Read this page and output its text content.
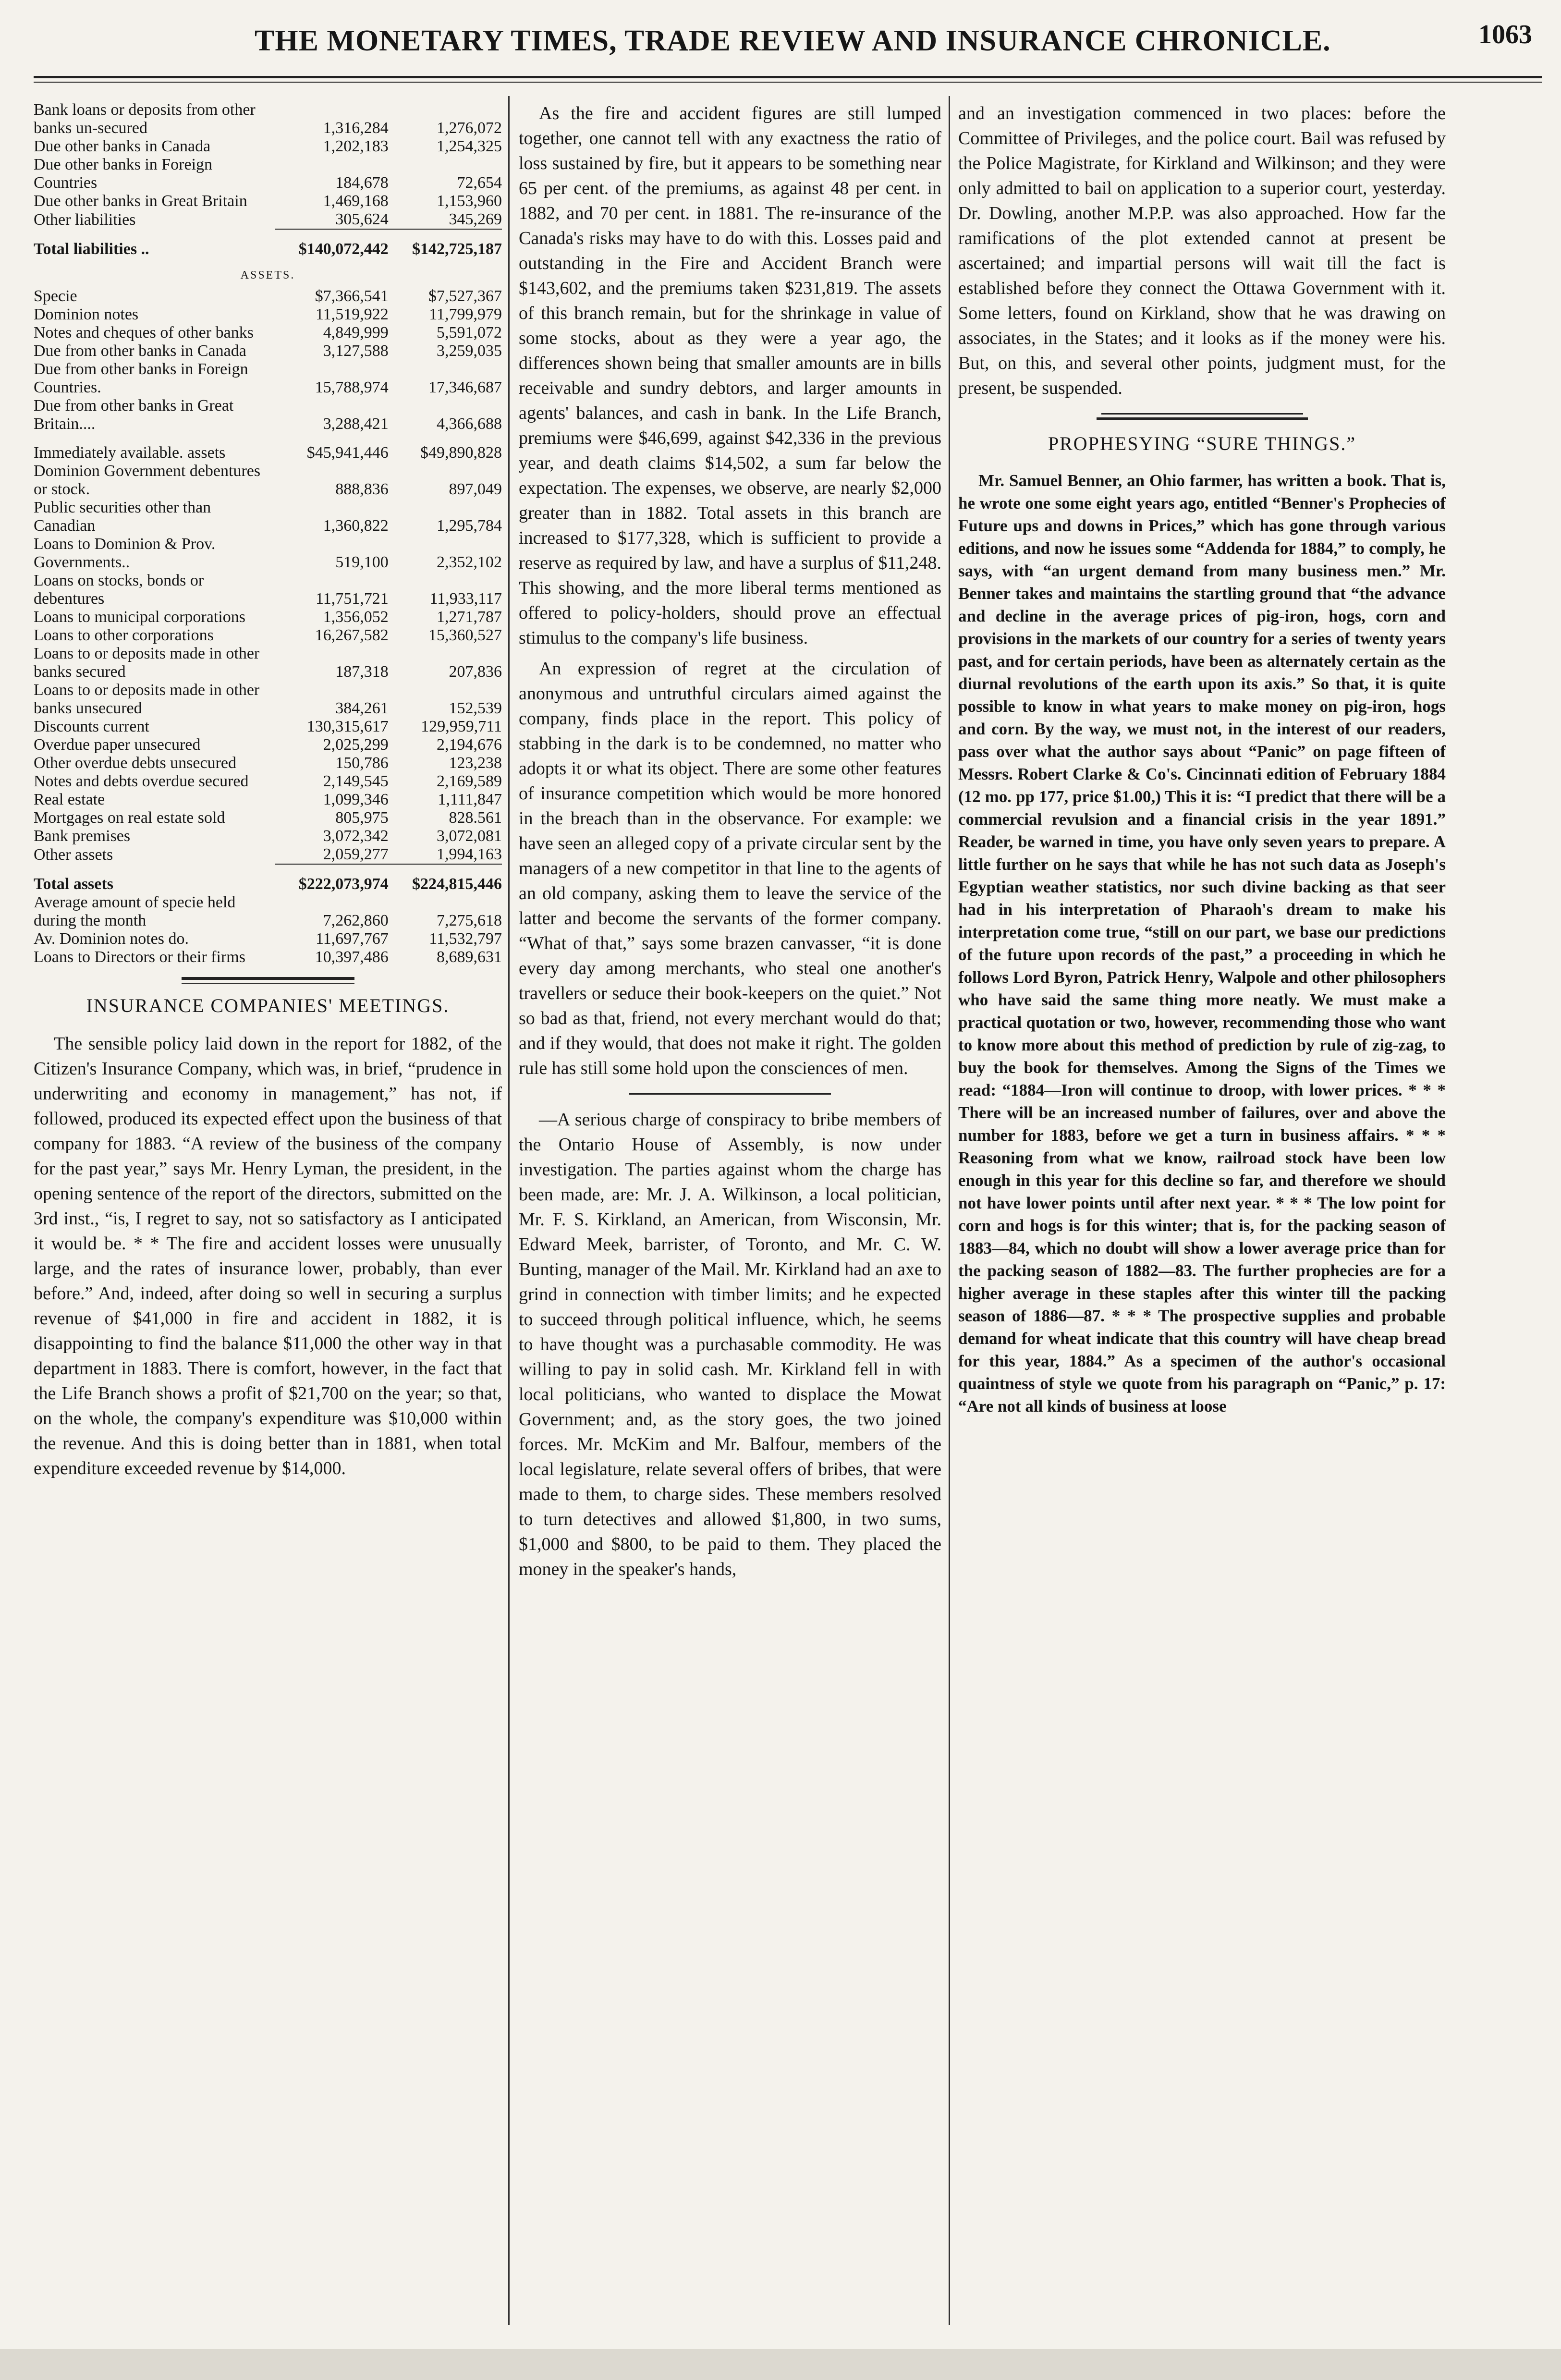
THE MONETARY TIMES, TRADE REVIEW AND INSURANCE CHRONICLE.	1063
Bank loans or deposits from other banks un-secured	1,316,284	1,276,072
Due other banks in Canada	1,202,183	1,254,325
Due other banks in Foreign Countries	184,678	72,654
Due other banks in Great Britain	1,469,168	1,153,960
Other liabilities	305,624	345,269
Total liabilities ..	$140,072,442	$142,725,187
ASSETS.		
Specie	$7,366,541	$7,527,367
Dominion notes	11,519,922	11,799,979
Notes and cheques of other banks	4,849,999	5,591,072
Due from other banks in Canada	3,127,588	3,259,035
Due from other banks in Foreign Countries.	15,788,974	17,346,687
Due from other banks in Great Britain....	3,288,421	4,366,688

Immediately available. assets	$45,941,446	$49,890,828
Dominion Government debentures or stock.	888,836	897,049
Public securities other than Canadian	1,360,822	1,295,784
Loans to Dominion & Prov. Governments..	519,100	2,352,102
Loans on stocks, bonds or debentures	11,751,721	11,933,117
Loans to municipal corporations	1,356,052	1,271,787
Loans to other corporations	16,267,582	15,360,527
Loans to or deposits made in other banks secured	187,318	207,836
Loans to or deposits made in other banks unsecured	384,261	152,539
Discounts current	130,315,617	129,959,711
Overdue paper unsecured	2,025,299	2,194,676
Other overdue debts unsecured	150,786	123,238
Notes and debts overdue secured	2,149,545	2,169,589
Real estate	1,099,346	1,111,847
Mortgages on real estate sold	805,975	828.561
Bank premises	3,072,342	3,072,081
Other assets	2,059,277	1,994,163
Total assets	$222,073,974	$224,815,446
Average amount of specie held during the month	7,262,860	7,275,618
Av. Dominion notes do.	11,697,767	11,532,797
Loans to Directors or their firms	10,397,486	8,689,631
INSURANCE COMPANIES' MEETINGS.

The sensible policy laid down in the report for 1882, of the Citizen's Insurance Company, which was, in brief, “prudence in underwriting and economy in management,” has not, if followed, produced its expected effect upon the business of that company for 1883. “A review of the business of the company for the past year,” says Mr. Henry Lyman, the president, in the opening sentence of the report of the directors, submitted on the 3rd inst., “is, I regret to say, not so satisfactory as I anticipated it would be. * * The fire and accident losses were unusually large, and the rates of insurance lower, probably, than ever before.” And, indeed, after doing so well in securing a surplus revenue of $41,000 in fire and accident in 1882, it is disappointing to find the balance $11,000 the other way in that department in 1883. There is comfort, however, in the fact that the Life Branch shows a profit of $21,700 on the year; so that, on the whole, the company's expenditure was $10,000 within the revenue. And this is doing better than in 1881, when total expenditure exceeded revenue by $14,000.

As the fire and accident figures are still lumped together, one cannot tell with any exactness the ratio of loss sustained by fire, but it appears to be something near 65 per cent. of the premiums, as against 48 per cent. in 1882, and 70 per cent. in 1881. The re-insurance of the Canada's risks may have to do with this. Losses paid and outstanding in the Fire and Accident Branch were $143,602, and the premiums taken $231,819. The assets of this branch remain, but for the shrinkage in value of some stocks, about as they were a year ago, the differences shown being that smaller amounts are in bills receivable and sundry debtors, and larger amounts in agents' balances, and cash in bank. In the Life Branch, premiums were $46,699, against $42,336 in the previous year, and death claims $14,502, a sum far below the expectation. The expenses, we observe, are nearly $2,000 greater than in 1882. Total assets in this branch are increased to $177,328, which is sufficient to provide a reserve as required by law, and have a surplus of $11,248. This showing, and the more liberal terms mentioned as offered to policy-holders, should prove an effectual stimulus to the company's life business.

An expression of regret at the circulation of anonymous and untruthful circulars aimed against the company, finds place in the report. This policy of stabbing in the dark is to be condemned, no matter who adopts it or what its object. There are some other features of insurance competition which would be more honored in the breach than in the observance. For example: we have seen an alleged copy of a private circular sent by the managers of a new competitor in that line to the agents of an old company, asking them to leave the service of the latter and become the servants of the former company. “What of that,” says some brazen canvasser, “it is done every day among merchants, who steal one another's travellers or seduce their book-keepers on the quiet.” Not so bad as that, friend, not every merchant would do that; and if they would, that does not make it right. The golden rule has still some hold upon the consciences of men.

—A serious charge of conspiracy to bribe members of the Ontario House of Assembly, is now under investigation. The parties against whom the charge has been made, are: Mr. J. A. Wilkinson, a local politician, Mr. F. S. Kirkland, an American, from Wisconsin, Mr. Edward Meek, barrister, of Toronto, and Mr. C. W. Bunting, manager of the Mail. Mr. Kirkland had an axe to grind in connection with timber limits; and he expected to succeed through political influence, which, he seems to have thought was a purchasable commodity. He was willing to pay in solid cash. Mr. Kirkland fell in with local politicians, who wanted to displace the Mowat Government; and, as the story goes, the two joined forces. Mr. McKim and Mr. Balfour, members of the local legislature, relate several offers of bribes, that were made to them, to charge sides. These members resolved to turn detectives and allowed $1,800, in two sums, $1,000 and $800, to be paid to them. They placed the money in the speaker's hands,

and an investigation commenced in two places: before the Committee of Privileges, and the police court. Bail was refused by the Police Magistrate, for Kirkland and Wilkinson; and they were only admitted to bail on application to a superior court, yesterday. Dr. Dowling, another M.P.P. was also approached. How far the ramifications of the plot extended cannot at present be ascertained; and impartial persons will wait till the fact is established before they connect the Ottawa Government with it. Some letters, found on Kirkland, show that he was drawing on associates, in the States; and it looks as if the money were his. But, on this, and several other points, judgment must, for the present, be suspended.

PROPHESYING “SURE THINGS.”

Mr. Samuel Benner, an Ohio farmer, has written a book. That is, he wrote one some eight years ago, entitled “Benner's Prophecies of Future ups and downs in Prices,” which has gone through various editions, and now he issues some “Addenda for 1884,” to comply, he says, with “an urgent demand from many business men.” Mr. Benner takes and maintains the startling ground that “the advance and decline in the average prices of pig-iron, hogs, corn and provisions in the markets of our country for a series of twenty years past, and for certain periods, have been as alternately certain as the diurnal revolutions of the earth upon its axis.” So that, it is quite possible to know in what years to make money on pig-iron, hogs and corn. By the way, we must not, in the interest of our readers, pass over what the author says about “Panic” on page fifteen of Messrs. Robert Clarke & Co's. Cincinnati edition of February 1884 (12 mo. pp 177, price $1.00,) This it is: “I predict that there will be a commercial revulsion and a financial crisis in the year 1891.” Reader, be warned in time, you have only seven years to prepare. A little further on he says that while he has not such data as Joseph's Egyptian weather statistics, nor such divine backing as that seer had in his interpretation of Pharaoh's dream to make his interpretation come true, “still on our part, we base our predictions of the future upon records of the past,” a proceeding in which he follows Lord Byron, Patrick Henry, Walpole and other philosophers who have said the same thing more neatly. We must make a practical quotation or two, however, recommending those who want to know more about this method of prediction by rule of zig-zag, to buy the book for themselves. Among the Signs of the Times we read: “1884—Iron will continue to droop, with lower prices. * * * There will be an increased number of failures, over and above the number for 1883, before we get a turn in business affairs. * * * Reasoning from what we know, railroad stock have been low enough in this year for this decline so far, and therefore we should not have lower points until after next year. * * * The low point for corn and hogs is for this winter; that is, for the packing season of 1883—84, which no doubt will show a lower average price than for the packing season of 1882—83. The further prophecies are for a higher average in these staples after this winter till the packing season of 1886—87. * * * The prospective supplies and probable demand for wheat indicate that this country will have cheap bread for this year, 1884.” As a specimen of the author's occasional quaintness of style we quote from his paragraph on “Panic,” p. 17: “Are not all kinds of business at loose
